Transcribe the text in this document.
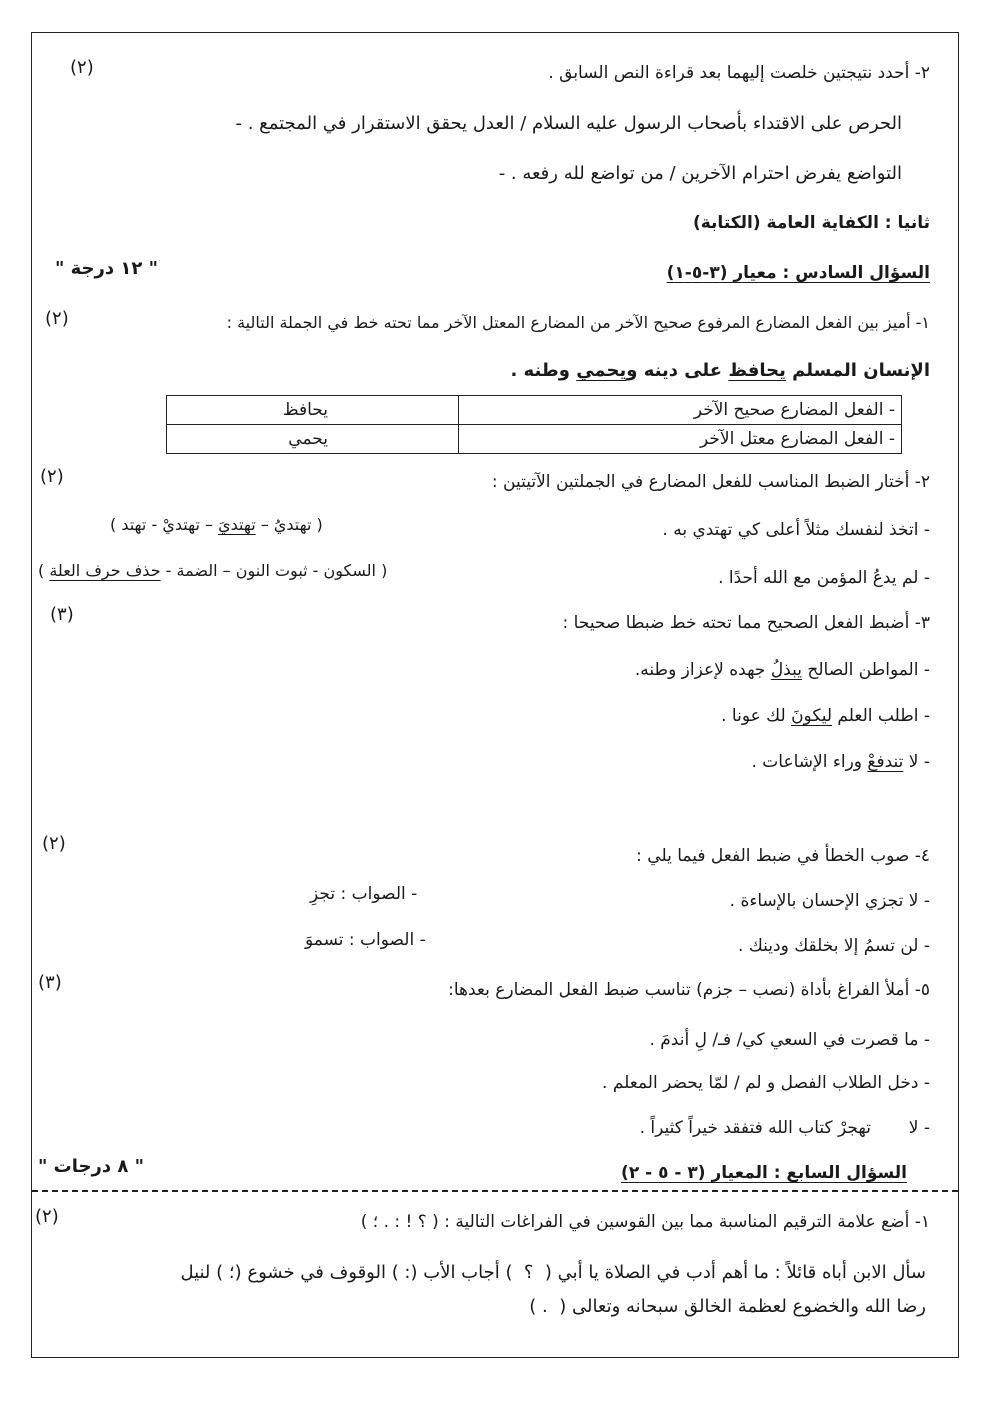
٢- أحدد نتيجتين خلصت إليهما بعد قراءة النص السابق .
(٢)
الحرص على الاقتداء بأصحاب الرسول عليه السلام / العدل يحقق الاستقرار في المجتمع . -
التواضع يفرض احترام الآخرين / من تواضع لله رفعه . -
ثانيا : الكفاية العامة (الكتابة)
السؤال السادس : معيار (٣-٥-١)
" ١٢ درجة "
١- أميز بين الفعل المضارع المرفوع صحيح الآخر من المضارع المعتل الآخر مما تحته خط في الجملة التالية :
(٢)
الإنسان المسلم يحافظ على دينه ويحمي وطنه .
- الفعل المضارع صحيح الآخر	يحافظ
- الفعل المضارع معتل الآخر	يحمي
٢- أختار الضبط المناسب للفعل المضارع في الجملتين الآتيتين :
(٢)
- اتخذ لنفسك مثلاً أعلى كي تهتدي به .
( تهتديُ – تهتديَ – تهتديْ - تهتد )
- لم يدعُ المؤمن مع الله أحدًا .
( السكون - ثبوت النون – الضمة - حذف حرف العلة )
٣- أضبط الفعل الصحيح مما تحته خط ضبطا صحيحا :
(٣)
- المواطن الصالح يبذلُ جهده لإعزاز وطنه.
- اطلب العلم ليكونَ لك عونا .
- لا تندفعْ وراء الإشاعات .
٤- صوب الخطأ في ضبط الفعل فيما يلي :
(٢)
- لا تجزي الإحسان بالإساءة .
- الصواب : تجزِ
- لن تسمُ إلا بخلقك ودينك .
- الصواب : تسموَ
٥- أملأ الفراغ بأداة (نصب – جزم) تناسب ضبط الفعل المضارع بعدها:
(٣)
- ما قصرت في السعي كي/ فـ/ لِ أندمَ .
- دخل الطلاب الفصل و لم / لمّا يحضر المعلم .
- لا       تهجرْ كتاب الله فتفقد خيراً كثيراً .
السؤال السابع : المعيار (٣ - ٥ - ٢)
" ٨ درجات "
١- أضع علامة الترقيم المناسبة مما بين القوسين في الفراغات التالية : ( ؟ ! : . ؛ )
(٢)
سأل الابن أباه قائلاً : ما أهم أدب في الصلاة يا أبي (  ؟  ) أجاب الأب (: ) الوقوف في خشوع (؛ ) لنيل
رضا الله والخضوع لعظمة الخالق سبحانه وتعالى (  . )
